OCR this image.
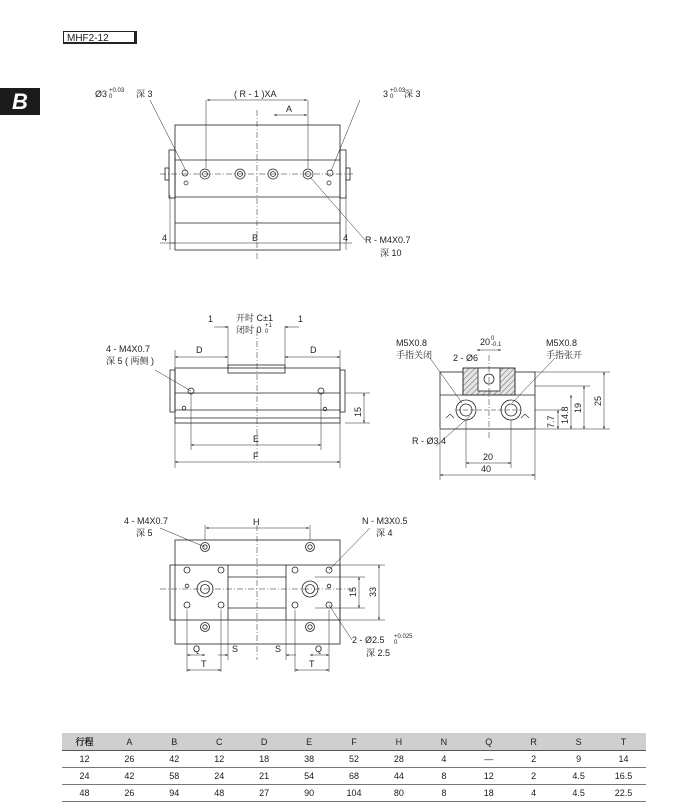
MHF2-12
B	Ø3	深 3	3 深 3
( R - 1 )XA
A
4	B	4 R - M4X0.7
深 10
开时 C±1
闭时 0
1	1
D	D
4 - M4X0.7
深 5 ( 两侧 )
15
E
F
M5X0.8
手指关闭
M5X0.8
手指张开
20
2 - Ø6
R - Ø3.4
7.7 14.8 19
25
20
40
4 - M4X0.7
深 5
H	N - M3X0.5
深 4
15 33
2 - Ø2.5
深 2.5
Q	S	S	Q
T	T
+0.03
0
+0.03
0
+1
0
0
-0.1
+0.025
0
行程	A	B	C	D	E	F	H	N	Q	R	S	T
12	26	42	12	18	38	52	28	4	—	2	9	14
24	42	58	24	21	54	68	44	8	12	2	4.5	16.5
48	26	94	48	27	90	104	80	8	18	4	4.5	22.5
